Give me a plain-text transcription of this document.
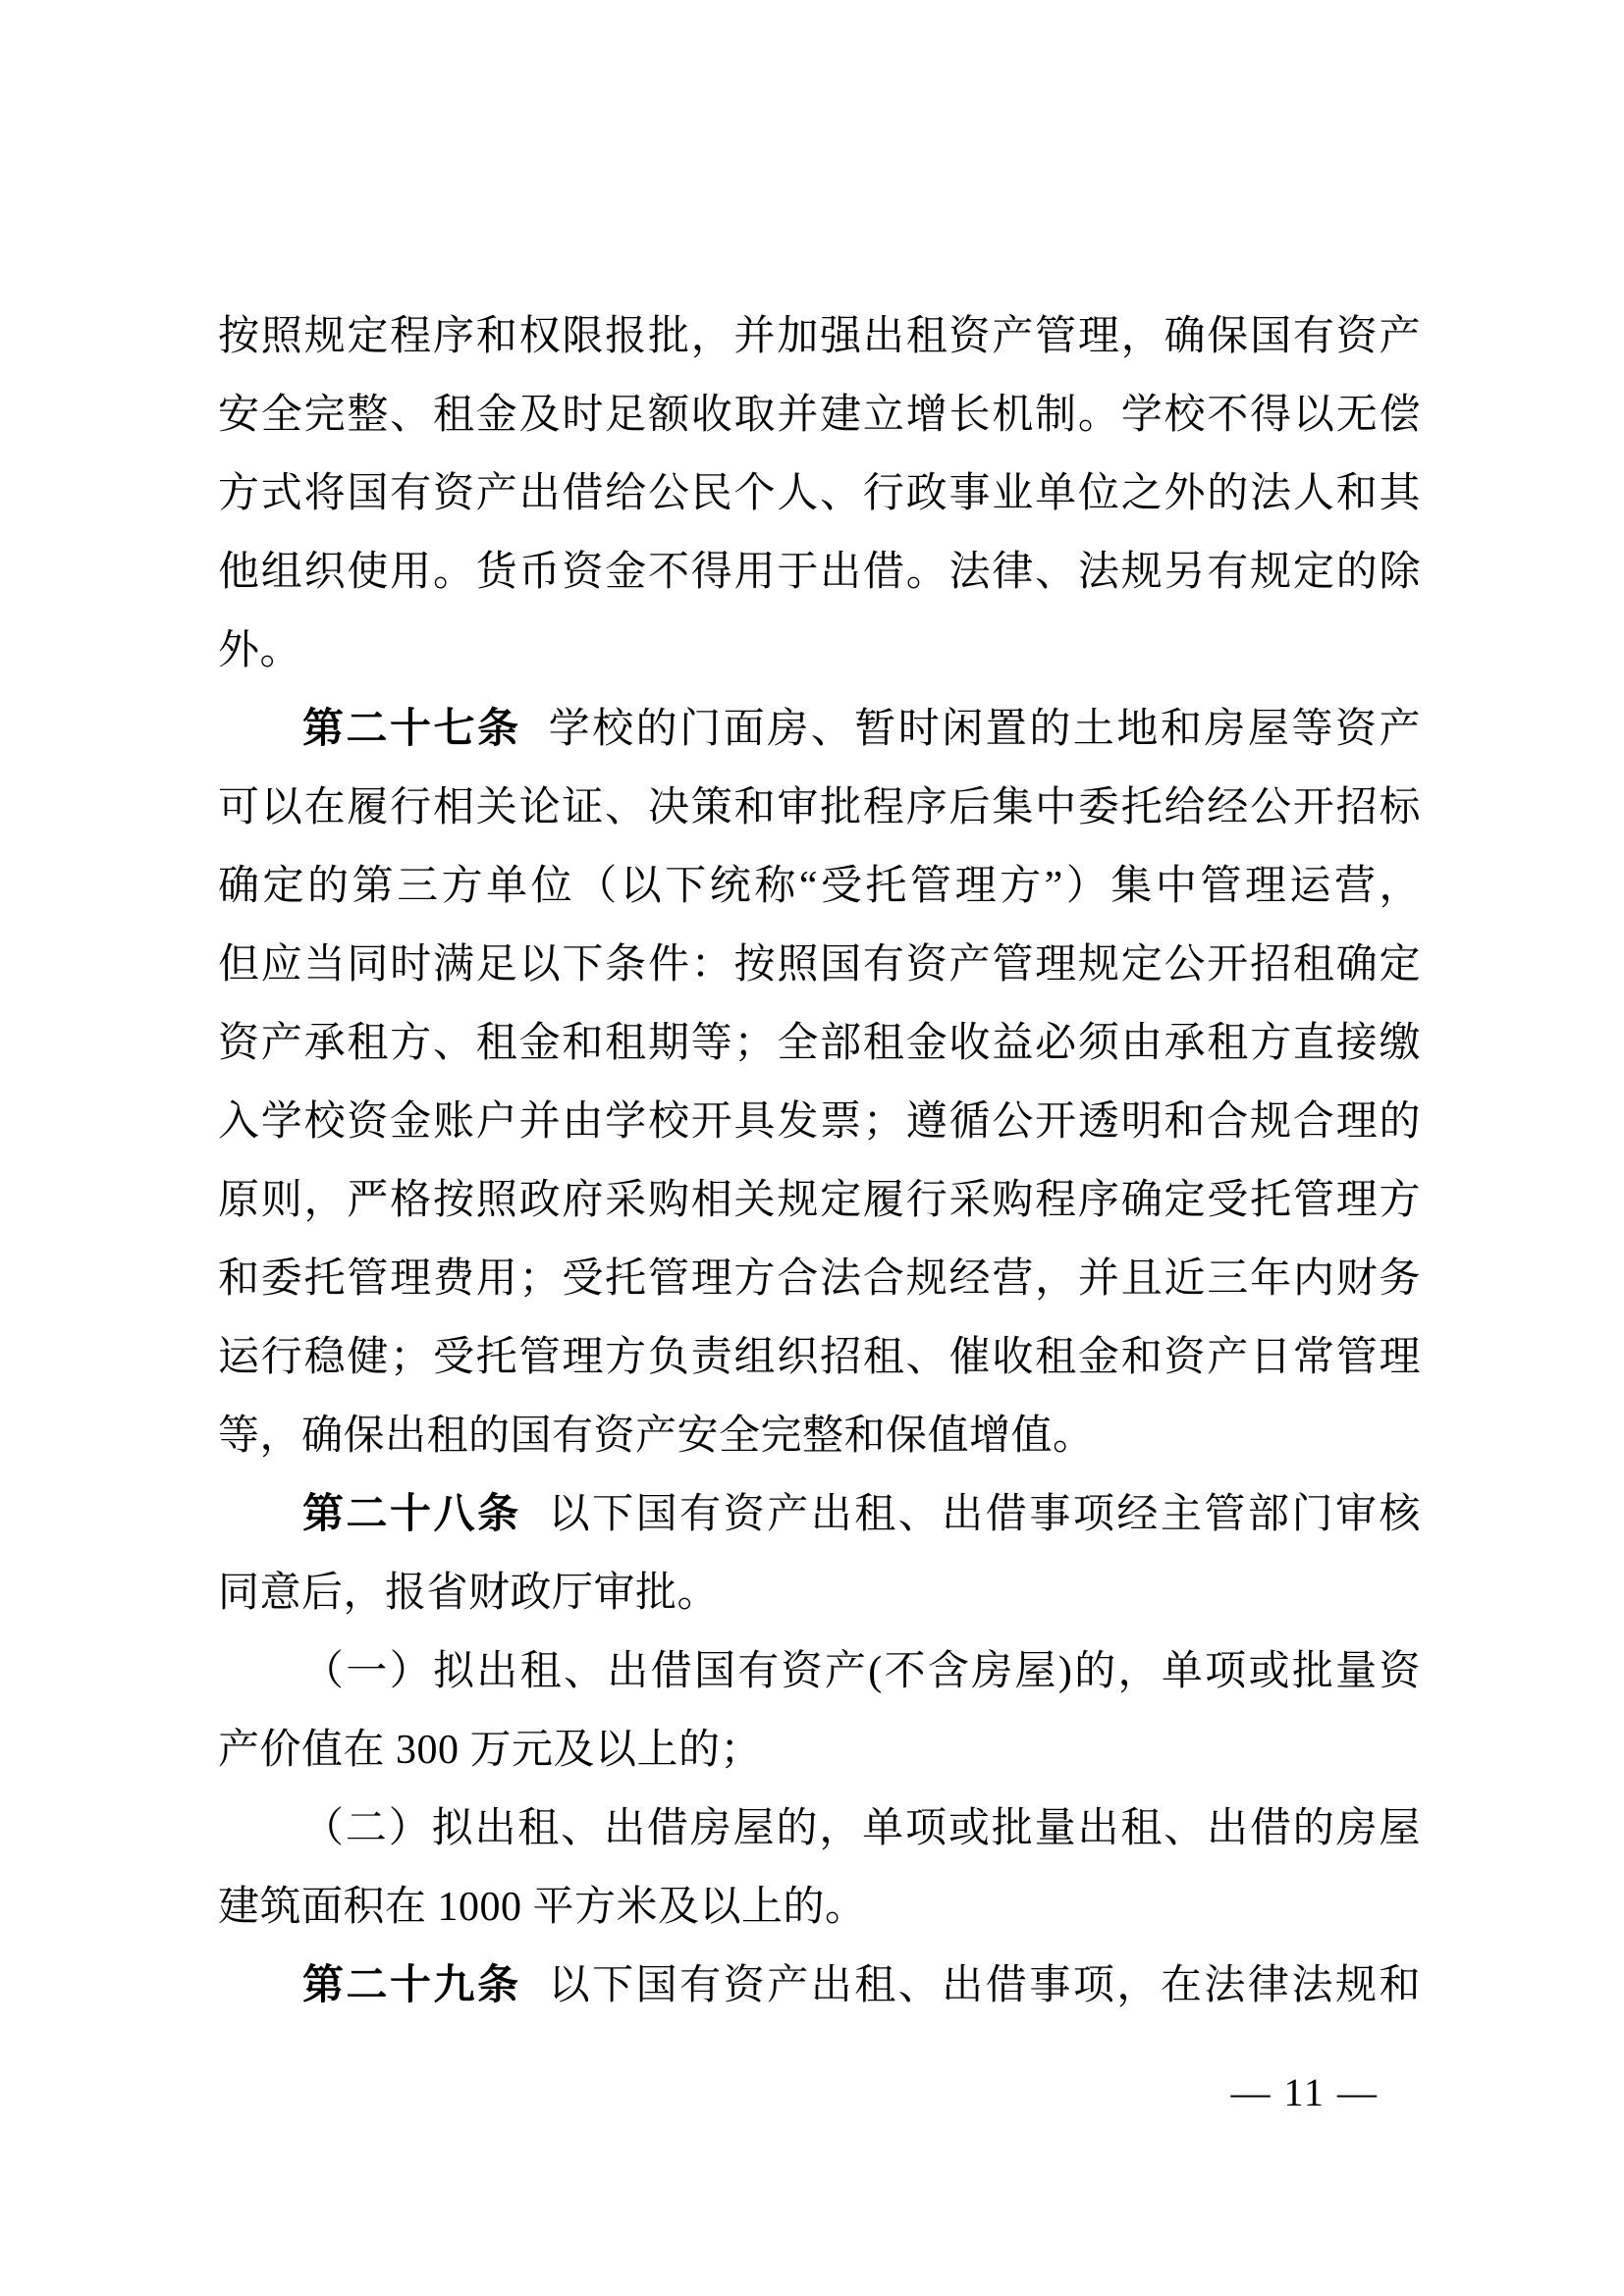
按照规定程序和权限报批，并加强出租资产管理，确保国有资产
安全完整、租金及时足额收取并建立增长机制。学校不得以无偿
方式将国有资产出借给公民个人、行政事业单位之外的法人和其
他组织使用。货币资金不得用于出借。法律、法规另有规定的除
外。
第二十七条 学校的门面房、暂时闲置的土地和房屋等资产
可以在履行相关论证、决策和审批程序后集中委托给经公开招标
确定的第三方单位（以下统称“受托管理方”）集中管理运营，
但应当同时满足以下条件：按照国有资产管理规定公开招租确定
资产承租方、租金和租期等；全部租金收益必须由承租方直接缴
入学校资金账户并由学校开具发票；遵循公开透明和合规合理的
原则，严格按照政府采购相关规定履行采购程序确定受托管理方
和委托管理费用；受托管理方合法合规经营，并且近三年内财务
运行稳健；受托管理方负责组织招租、催收租金和资产日常管理
等，确保出租的国有资产安全完整和保值增值。
第二十八条 以下国有资产出租、出借事项经主管部门审核
同意后，报省财政厅审批。
（一）拟出租、出借国有资产(不含房屋)的，单项或批量资
产价值在 300 万元及以上的；
（二）拟出租、出借房屋的，单项或批量出租、出借的房屋
建筑面积在 1000 平方米及以上的。
第二十九条 以下国有资产出租、出借事项，在法律法规和
— 11 —
